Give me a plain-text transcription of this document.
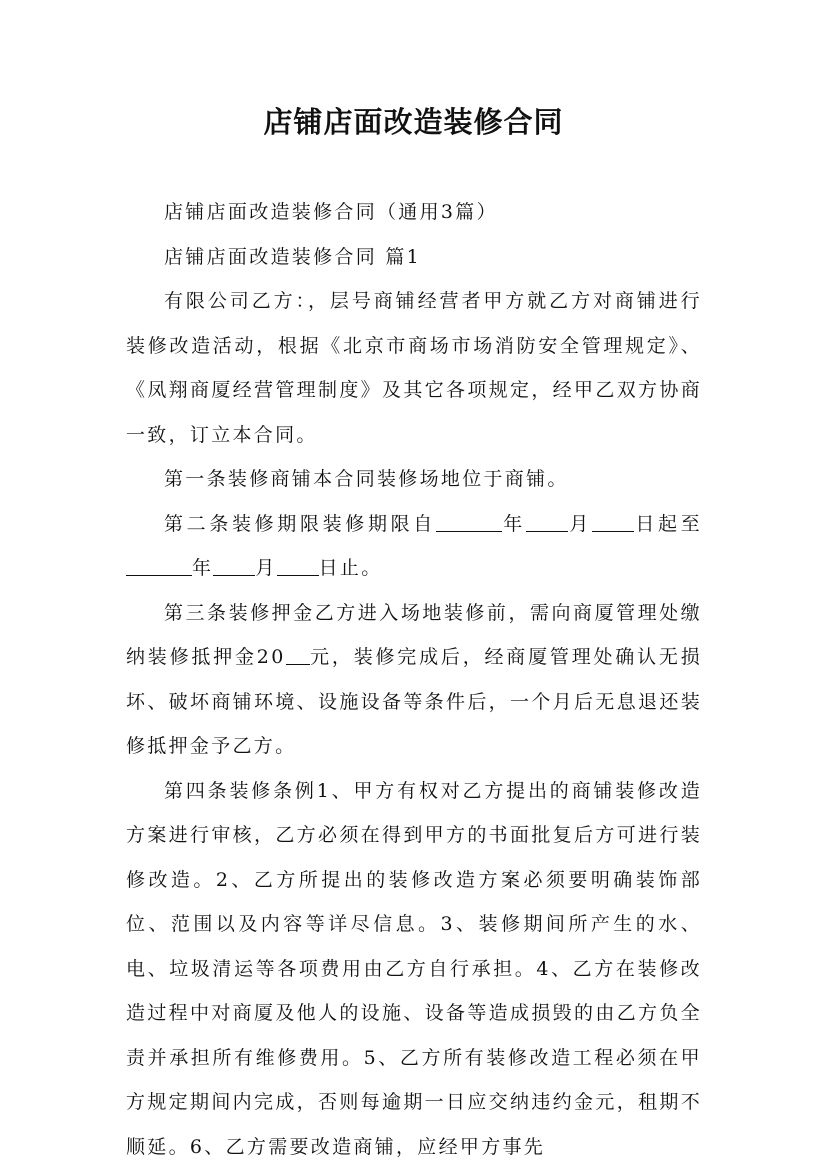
店铺店面改造装修合同

店铺店面改造装修合同（通用3篇）

店铺店面改造装修合同 篇1

有限公司乙方：，层号商铺经营者甲方就乙方对商铺进行装修改造活动，根据《北京市商场市场消防安全管理规定》、《凤翔商厦经营管理制度》及其它各项规定，经甲乙双方协商一致，订立本合同。

第一条装修商铺本合同装修场地位于商铺。

第二条装修期限装修期限自	年 月 日起至年 月 日止。

第三条装修押金乙方进入场地装修前，需向商厦管理处缴纳装修抵押金20 元，装修完成后，经商厦管理处确认无损坏、破坏商铺环境、设施设备等条件后，一个月后无息退还装修抵押金予乙方。

第四条装修条例1、甲方有权对乙方提出的商铺装修改造方案进行审核，乙方必须在得到甲方的书面批复后方可进行装修改造。2、乙方所提出的装修改造方案必须要明确装饰部位、范围以及内容等详尽信息。3、装修期间所产生的水、电、垃圾清运等各项费用由乙方自行承担。4、乙方在装修改造过程中对商厦及他人的设施、设备等造成损毁的由乙方负全责并承担所有维修费用。5、乙方所有装修改造工程必须在甲方规定期间内完成，否则每逾期一日应交纳违约金元，租期不顺延。6、乙方需要改造商铺，应经甲方事先
